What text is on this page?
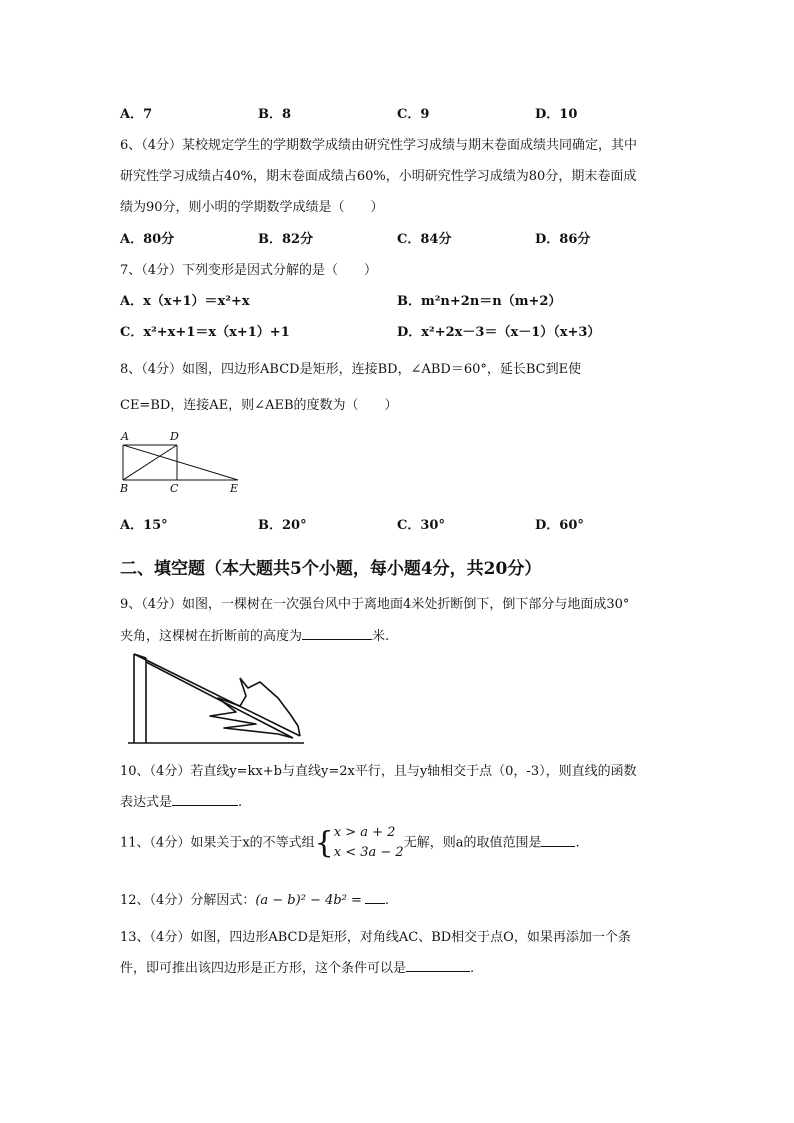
A．7	B．8	C．9	D．10
6、（4分）某校规定学生的学期数学成绩由研究性学习成绩与期末卷面成绩共同确定，其中
研究性学习成绩占40%，期末卷面成绩占60%，小明研究性学习成绩为80分，期末卷面成
绩为90分，则小明的学期数学成绩是（　　）
A．80分	B．82分	C．84分	D．86分
7、（4分）下列变形是因式分解的是（　　）
A．x（x+1）＝x²+x	B．m²n+2n＝n（m+2）
C．x²+x+1＝x（x+1）+1	D．x²+2x－3＝（x－1）（x+3）
8、（4分）如图，四边形ABCD是矩形，连接BD，∠ABD＝60°，延长BC到E使
CE=BD，连接AE，则∠AEB的度数为（　　）
A	D
B	C	E
A．15°	B．20°	C．30°	D．60°
二、填空题（本大题共5个小题，每小题4分，共20分）
9、（4分）如图，一棵树在一次强台风中于离地面4米处折断倒下，倒下部分与地面成30°
夹角，这棵树在折断前的高度为	米.
10、（4分）若直线y=kx+b与直线y=2x平行，且与y轴相交于点（0，-3），则直线的函数
表达式是	.
11、（4分）如果关于x的不等式组{ x > a + 2
x < 3a − 2
无解，则a的取值范围是	.
12、（4分）分解因式：(a − b)² − 4b² = .
13、（4分）如图，四边形ABCD是矩形，对角线AC、BD相交于点O，如果再添加一个条
件，即可推出该四边形是正方形，这个条件可以是	.
